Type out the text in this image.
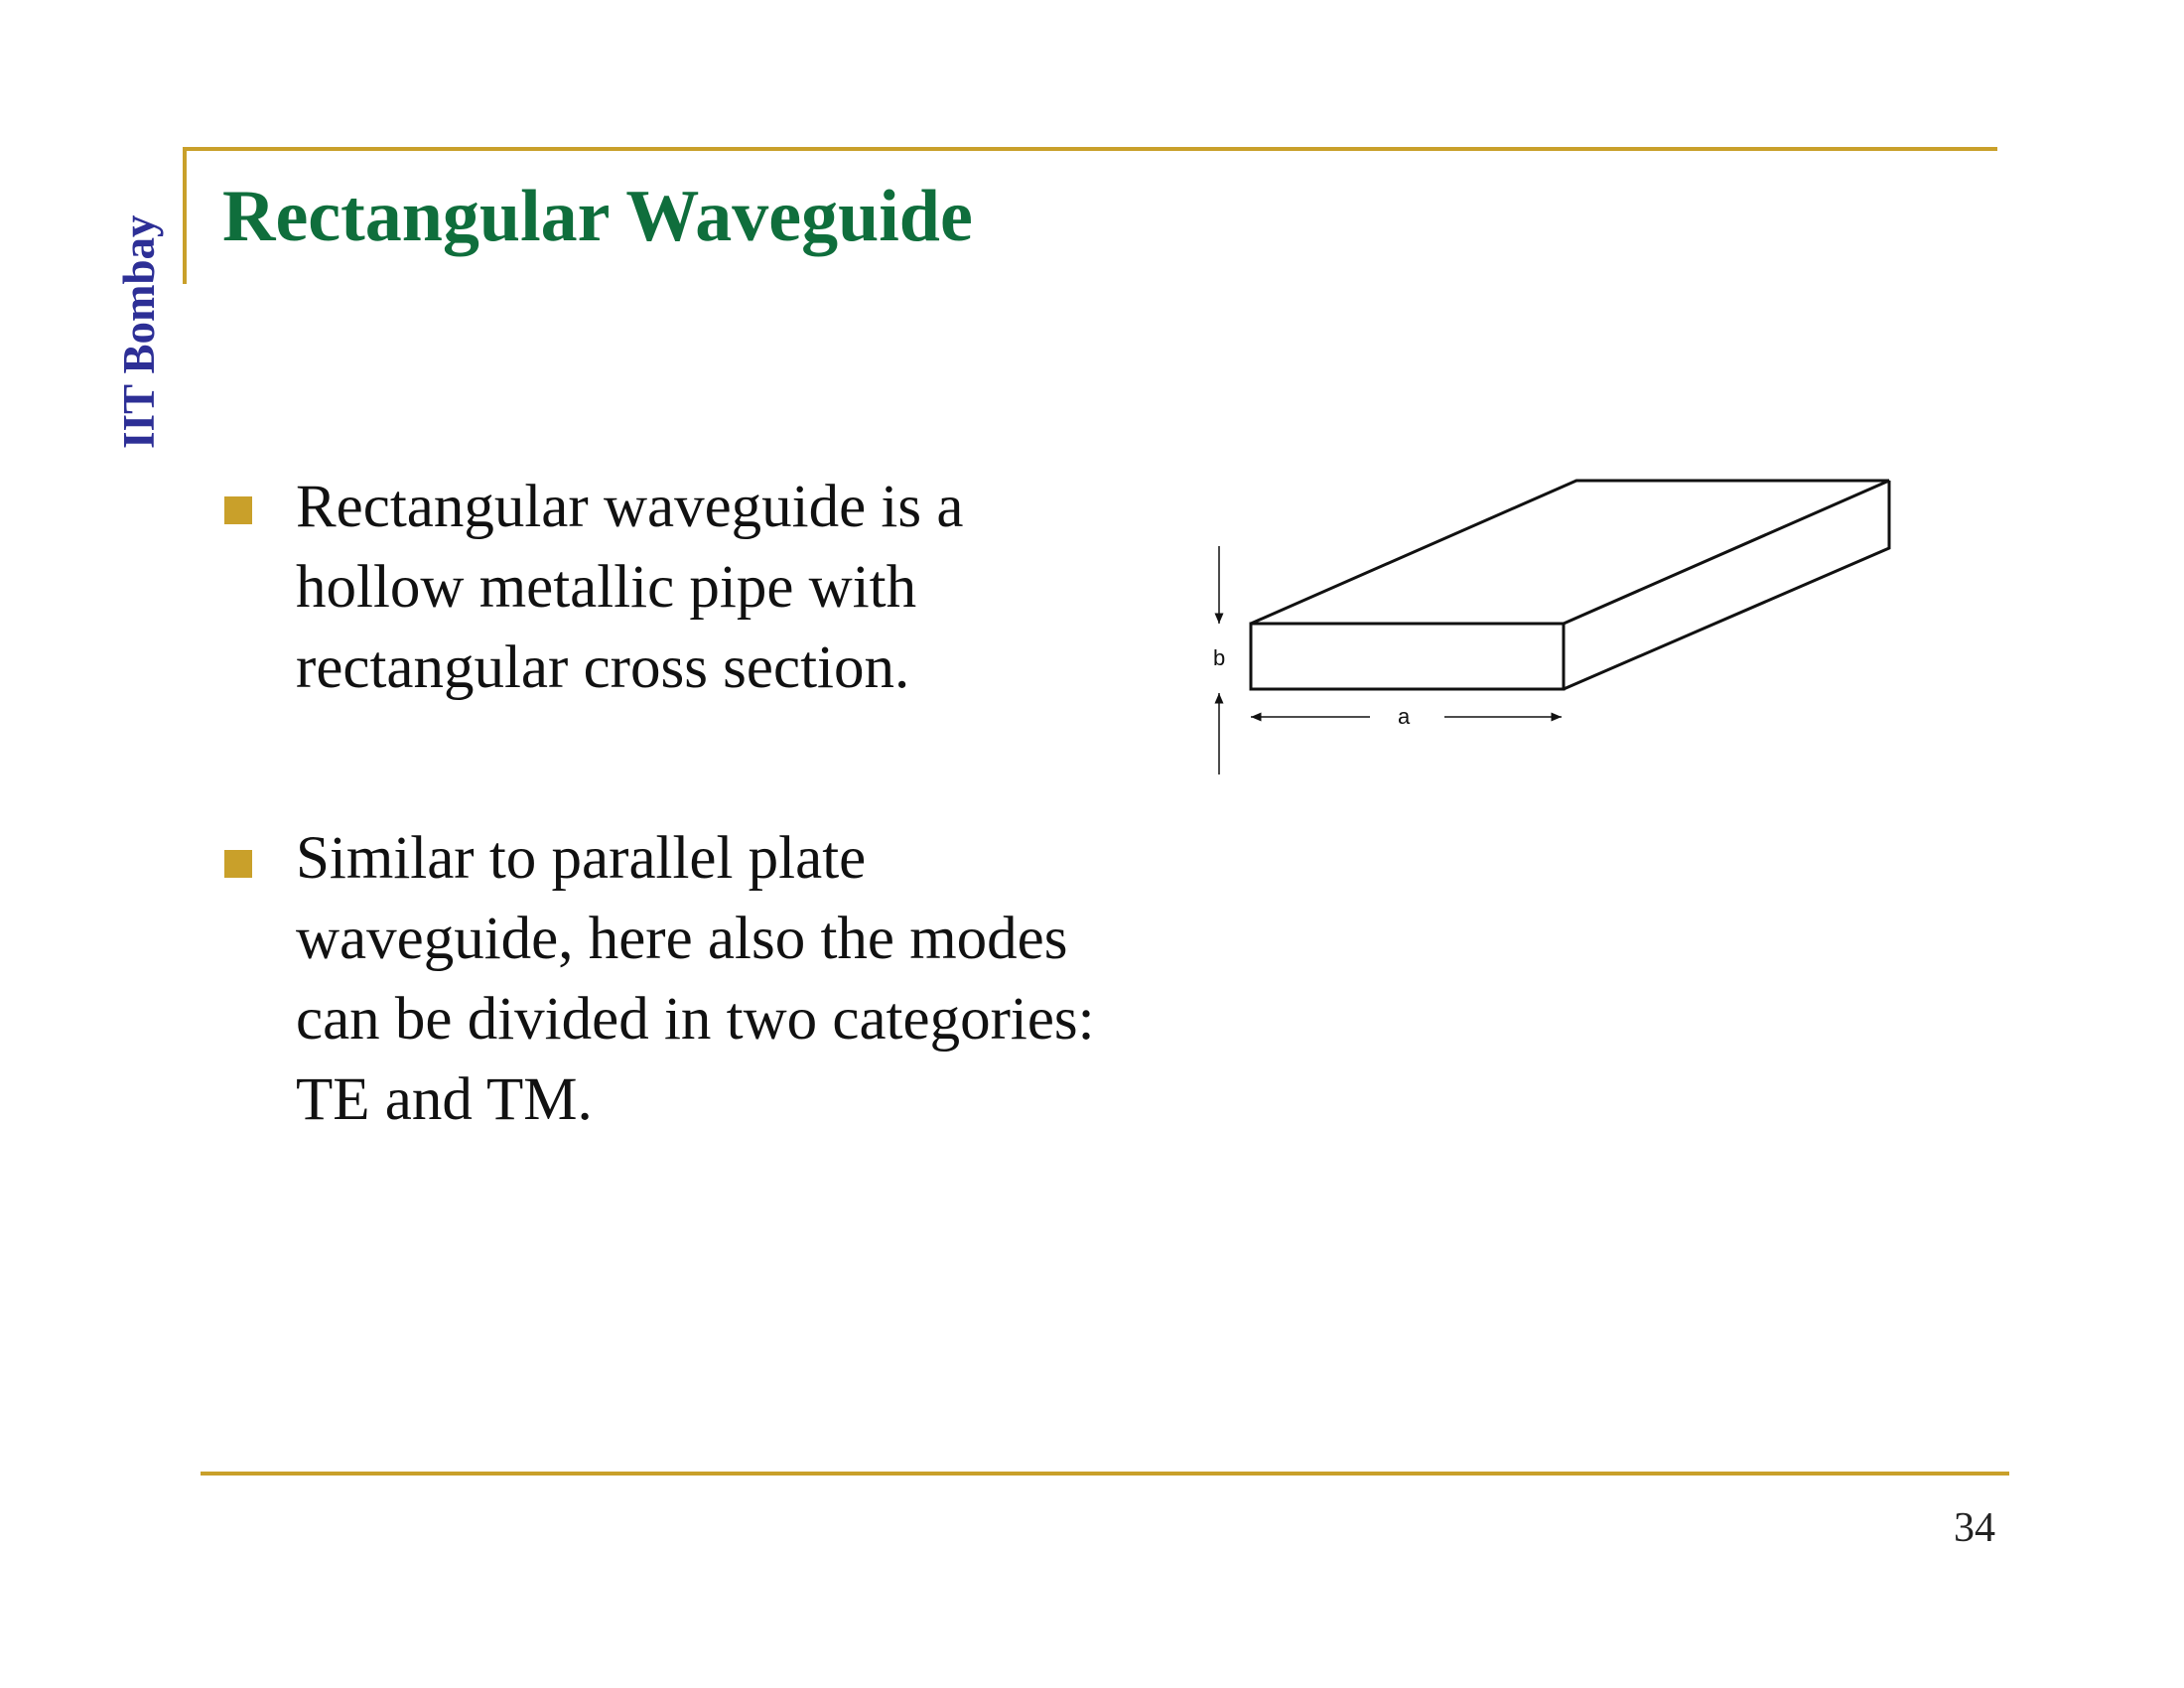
IIT Bombay Rectangular Waveguide
Rectangular waveguide is a hollow metallic pipe with rectangular cross section.
Similar to parallel plate waveguide, here also the modes can be divided in two categories: TE and TM.
b
a
34
